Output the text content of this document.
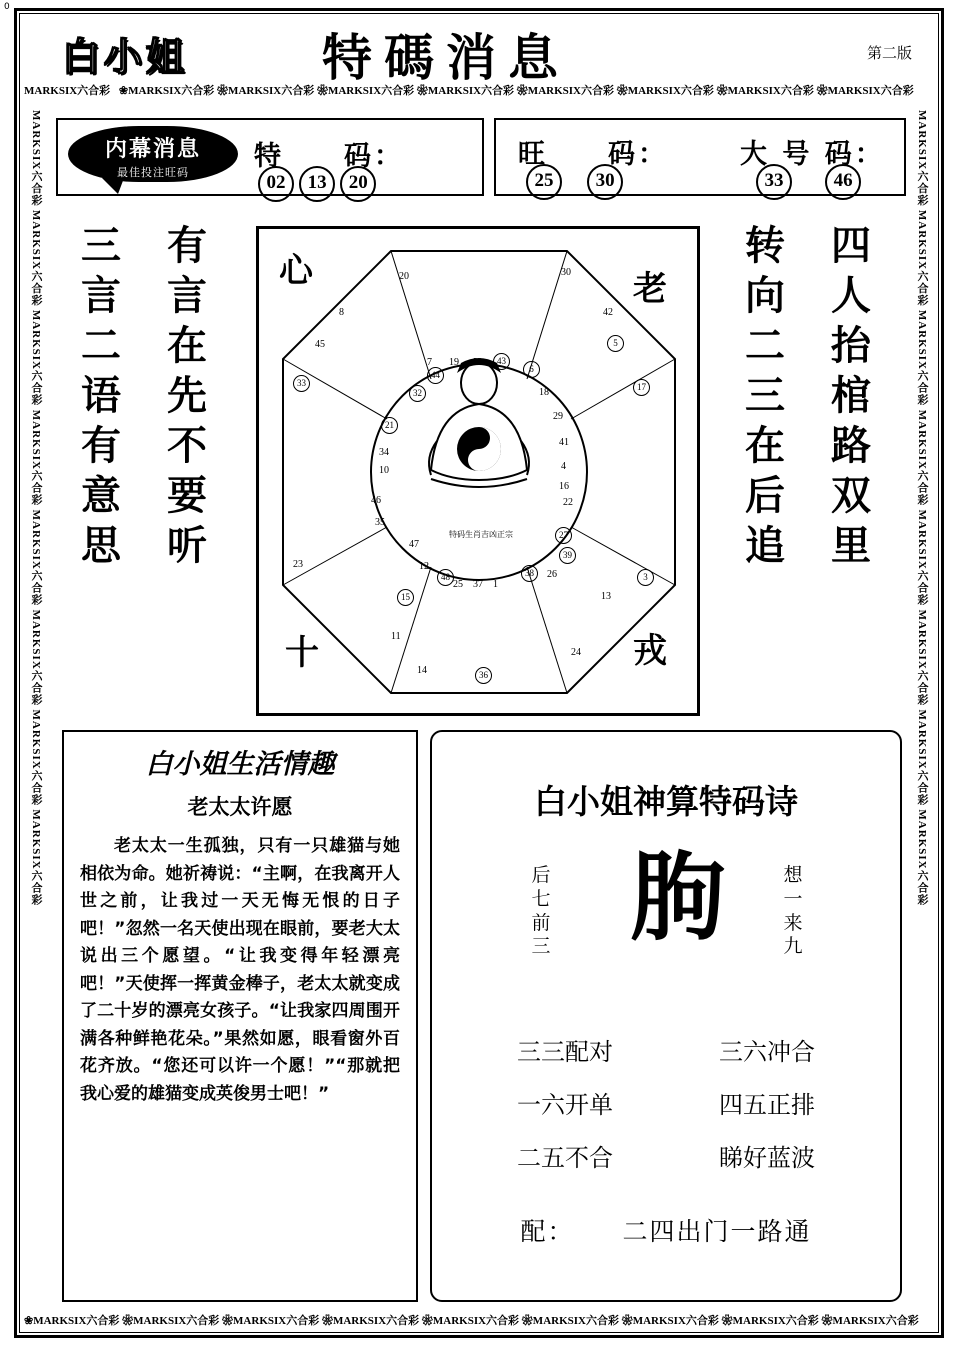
0
白小姐	特碼消息	第二版
MARKSIX六合彩 ❀MARKSIX六合彩 ❀MARKSIX六合彩 ❀MARKSIX六合彩 ❀MARKSIX六合彩 ❀MARKSIX六合彩 ❀MARKSIX六合彩 ❀MARKSIX六合彩 ❀MARKSIX六合彩
❀MARKSIX六合彩 ❀MARKSIX六合彩 ❀MARKSIX六合彩 ❀MARKSIX六合彩 ❀MARKSIX六合彩 ❀MARKSIX六合彩 ❀MARKSIX六合彩 ❀MARKSIX六合彩 ❀MARKSIX六合彩
MARKSIX六合彩 MARKSIX六合彩 MARKSIX六合彩 MARKSIX六合彩 MARKSIX六合彩 MARKSIX六合彩 MARKSIX六合彩 MARKSIX六合彩	MARKSIX六合彩 MARKSIX六合彩 MARKSIX六合彩 MARKSIX六合彩 MARKSIX六合彩 MARKSIX六合彩 MARKSIX六合彩 MARKSIX六合彩
内幕消息
最佳投注旺码
特　　码：
02 13 20
旺　　码：
25 30
大 号 码：
33	46
三
言
二
语
有
意
思
有
言
在
先
不
要
听
转
向
二
三
在
后
追
四
人
抬
棺
路
双
里
心	老
十	戎
20	30
8	42
45	5
33
7 19	43
6
44
32	18	17
29
21
41
34
4
10
16
46	22
35
27
47
39
23	12
48	38	26	3
25 37 1
13
15
11
24
14	36
特码生肖吉凶正宗
白小姐生活情趣
老太太许愿
老太太一生孤独，只有一只雄猫与她相依为命。她祈祷说：“主啊，在我离开人世之前，让我过一天无悔无恨的日子吧！”忽然一名天使出现在眼前，要老大太说出三个愿望。“让我变得年轻漂亮吧！”天使挥一挥黄金棒子，老太太就变成了二十岁的漂亮女孩子。“让我家四周围开满各种鲜艳花朵。”果然如愿，眼看窗外百花齐放。“您还可以许一个愿！”“那就把我心爱的雄猫变成英俊男士吧！”
白小姐神算特码诗
后七前三 朐	想一来九
三三配对	三六冲合
一六开单	四五正排
二五不合	睇好蓝波
配： 二四出门一路通
